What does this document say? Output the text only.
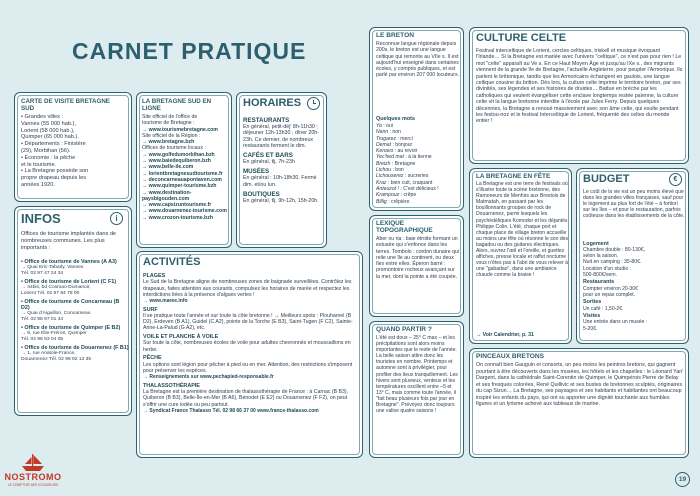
CARNET PRATIQUE
CARTE DE VISITE BRETAGNE SUD
• Grandes villes :
Vannes (55 000 hab.),
Lorient (58 000 hab.),
Quimper (65 000 hab.).
• Départements : Finistère
(29), Morbihan (56).
• Économie : la pêche
et le tourisme.
• La Bretagne possède son
propre drapeau depuis les
années 1920.
INFOS	i
Offices de tourisme implantés dans de nombreuses communes. Les plus importants :
• Office de tourisme de Vannes (A A3)
→ Quai Eric-Tabarly, Vannes
Tél. 02 97 47 24 34
• Office de tourisme de Lorient (C F1)
→ 44bis, bd Cosmao-Dumanoir,
Lorient Tél. 02 97 84 78 00
• Office de tourisme de Concarneau (B D2)
→ Quai d'Aiguillon, Concarneau
Tél. 02 98 97 01 44
• Office de tourisme de Quimper (E B2)
→ 8, rue Élie-Fréron, Quimper
Tél. 02 98 53 04 05
• Office de tourisme de Douarnenez (F B1)
→ 1, rue Anatole-France,
Douarnenez Tél. 02 98 92 13 35
LA BRETAGNE SUD EN LIGNE
Site officiel de l'office de
tourisme de Bretagne :
→ www.tourismebretagne.com
Site officiel de la Région :
→ www.bretagne.bzh
Offices de tourisme locaux :
→ www.golfedumorbihan.bzh
→ www.baiedequiberon.bzh
→ www.belle-ile.com
→ lorientbretagnesudtourisme.fr
→ deconcarneauapontaven.com
→ www.quimper-tourisme.bzh
→ www.destination-
paysbigouden.com
→ www.capsizuntourisme.fr
→ www.douarnenez-tourisme.com
→ www.crozon-tourisme.bzh
HORAIRES
RESTAURANTS
En général, petit-déj' 8h-11h30 ; déjeuner 12h-13h30 ; dîner 20h-23h. Ce dernier, de nombreux restaurants ferment le dim.
CAFÉS ET BARS
En général, tlj. 7h-23h
MUSÉES
En général : 10h-18h30. Fermé dim. et/ou lun.
BOUTIQUES
En général, tlj. 9h-12h, 15h-20h.
ACTIVITÉS
PLAGES
Le Sud de la Bretagne aligne de nombreuses zones de baignade surveillées. Contrôlez les drapeaux, faites attention aux courants, compulsez les horaires de marée et respectez les interdictions liées à la présence d'algues vertes !
→ www.maree.info
SURF
Il se pratique toute l'année et sur toute la côte bretonne ! → Meilleurs spots : Plouharnel (B D2), Erdeven (B A1), Guidel (C A2), pointe de la Torche (E B3), Saint-Tugen (F C2), Sainte-Anne-La-Palud (G A2), etc.
VOILE ET PLANCHE À VOILE
Sur toute la côte, nombreuses écoles de voile pour adultes chevronnés et moussaillons en herbe.
PÊCHE
Les options sont légion pour pêcher à pied ou en mer. Attention, des restrictions s'imposent pour préserver les espèces.
→ Renseignements sur www.pechapied-responsable.fr
THALASSOTHÉRAPIE
La Bretagne est la première destination de thalassothérapie de France : à Carnac (B B3), Quiberon (B B3), Belle-Île-en-Mer (B A6), Bénodet (E E2) ou Douarnenez (F F2), on peut s'offrir une cure iodée ou peu partout.
→ Syndicat France Thalasso Tél. 02 98 66 37 00 www.france-thalasso.com
LE BRETON
Reconnue langue régionale depuis 200s, le breton est une langue celtique qui remonte au VIIe s. Il est aujourd'hui enseigné dans certaines écoles, y compris publiques, et est parlé par environ 207 000 locuteurs.
Quelques mots
Ya : oui
Nann : non
Trugarez : merci
Demat : bonjour
Kenavo : au revoir
Yec'hed mat : à la tienne
Breizh : Bretagne
Lichou : bon
Lichouserez : sucreries
Kraz : bien cuit, craquant
Anteuzot ! : C'est délicieux !
Krampouz : crêpe
Billig : crêpière
LEXIQUE TOPOGRAPHIQUE
Aber ou ria : baie étroite formant un estuaire qui s'enfonce dans les terres. Tombolo : cordon dunaire qui relie une île au continent, ou deux îles entre elles. Éperon barré : promontoire rocheux avançant sur la mer, dont la pointe a été coupée.
QUAND PARTIR ?
L'été est doux – 25° C max – et les précipitations sont alors moins importantes que le reste de l'année. La belle saison attire donc les touristes en nombre. Printemps et automne sont à privilégier, pour profiter des lieux tranquillement. Les hivers sont pluvieux, venteux et les températures oscillent entre –5 et 13° C, mais comme toute l'année, il "fait beau plusieurs fois par jour en Bretagne". Prévoyez donc toujours une valise quatre saisons !
CULTURE CELTE
Festival interceltique de Lorient, cercles celtiques, triskell et musique évoquant l'Irlande… Si la Bretagne est mariée avec l'univers "celtique", ce n'est pas pour rien ! Le mot "celte" apparaît au Ve s. En ce Haut Moyen Âge et jusqu'au IXe s., des migrants viennent de la grande île de Bretagne, l'actuelle Angleterre, pour peupler l'Armorique. Ils parlent le brittonique, tandis que les Armoricains échangent en gaulois, une langue celtique cousine du britton. Dès lors, la culture celte imprime le territoire breton, par ses divinités, ses légendes et ses histoires de druides… Battue en brèche par les catholiques qui veulent évangéliser cette enclave longtemps restée païenne, la culture celte vit la langue bretonne interdite à l'école par Jules Ferry. Depuis quelques décennies, la Bretagne a renoué massivement avec son âme celte, qui exulte pendant les festou-noz et le festival Interceltique de Lorient, fréquenté des celtes du monde entier !
LA BRETAGNE EN FÊTE
La Bretagne est une terre de festivals où s'illustre toute la scène bretonne, des Ramoneurs de Menhirs aux Brestois de Matmatah, en passant par les bouillonnants groupes de rock de Douarnenez, parmi lesquels les psychédéliques Komodor et les déjantés Philippe Colin. L'été, chaque port et chaque place de village breton accueille au moins une fête où résonne le son des bagadou ou des guitares électriques. Alors, ouvrez l'œil et l'oreille, et guettez affiches, presse locale et raffut nocturne : vous n'êtes pas à l'abri de vous relever à une "gabadao", dans une ambiance chaude comme la braise !
→ Voir Calendrier, p. 31
BUDGET	€
Le coût de la vie est un peu moins élevé que dans les grandes villes françaises, sauf pour le logement au plus fort de l'été – à fortiori sur les îles – et pour le restauration, parfois coûteuse dans les établissements de la côte.
Logement
Chambre double : 80-130€,
selon la saison.
Nuit en camping : 35-80€.
Location d'un studio :
500-800€/sem.
Restaurants
Compter environ 20-30€
pour un repas complet.
Sorties
Un café : 1,50-2€.
Visites
Une entrée dans un musée :
5-20€.
PINCEAUX BRETONS
On connaît bien Gauguin et consorts, un peu moins les peintres bretons, qui gagnent pourtant à être découverts dans les musées, les hôtels et les chapelles : le Léonard Yan' Dargent, dans la cathédrale Saint-Corentin de Quimper, le Quimpérois Pierre de Belay et ses fresques colorées, René Quillivic et ses bustes de bretonnes sculptés, originaires du cap Sizun… La Bretagne, ses paysages et ses habitants et habitantes ont beaucoup inspiré les enfants du pays, qui ont su apporter une dignité touchante aux humbles figures et un lyrisme achevé aux tableaux de marine.
NOSTROMO
LE COMPTOIR DES VOYAGEURS
19
